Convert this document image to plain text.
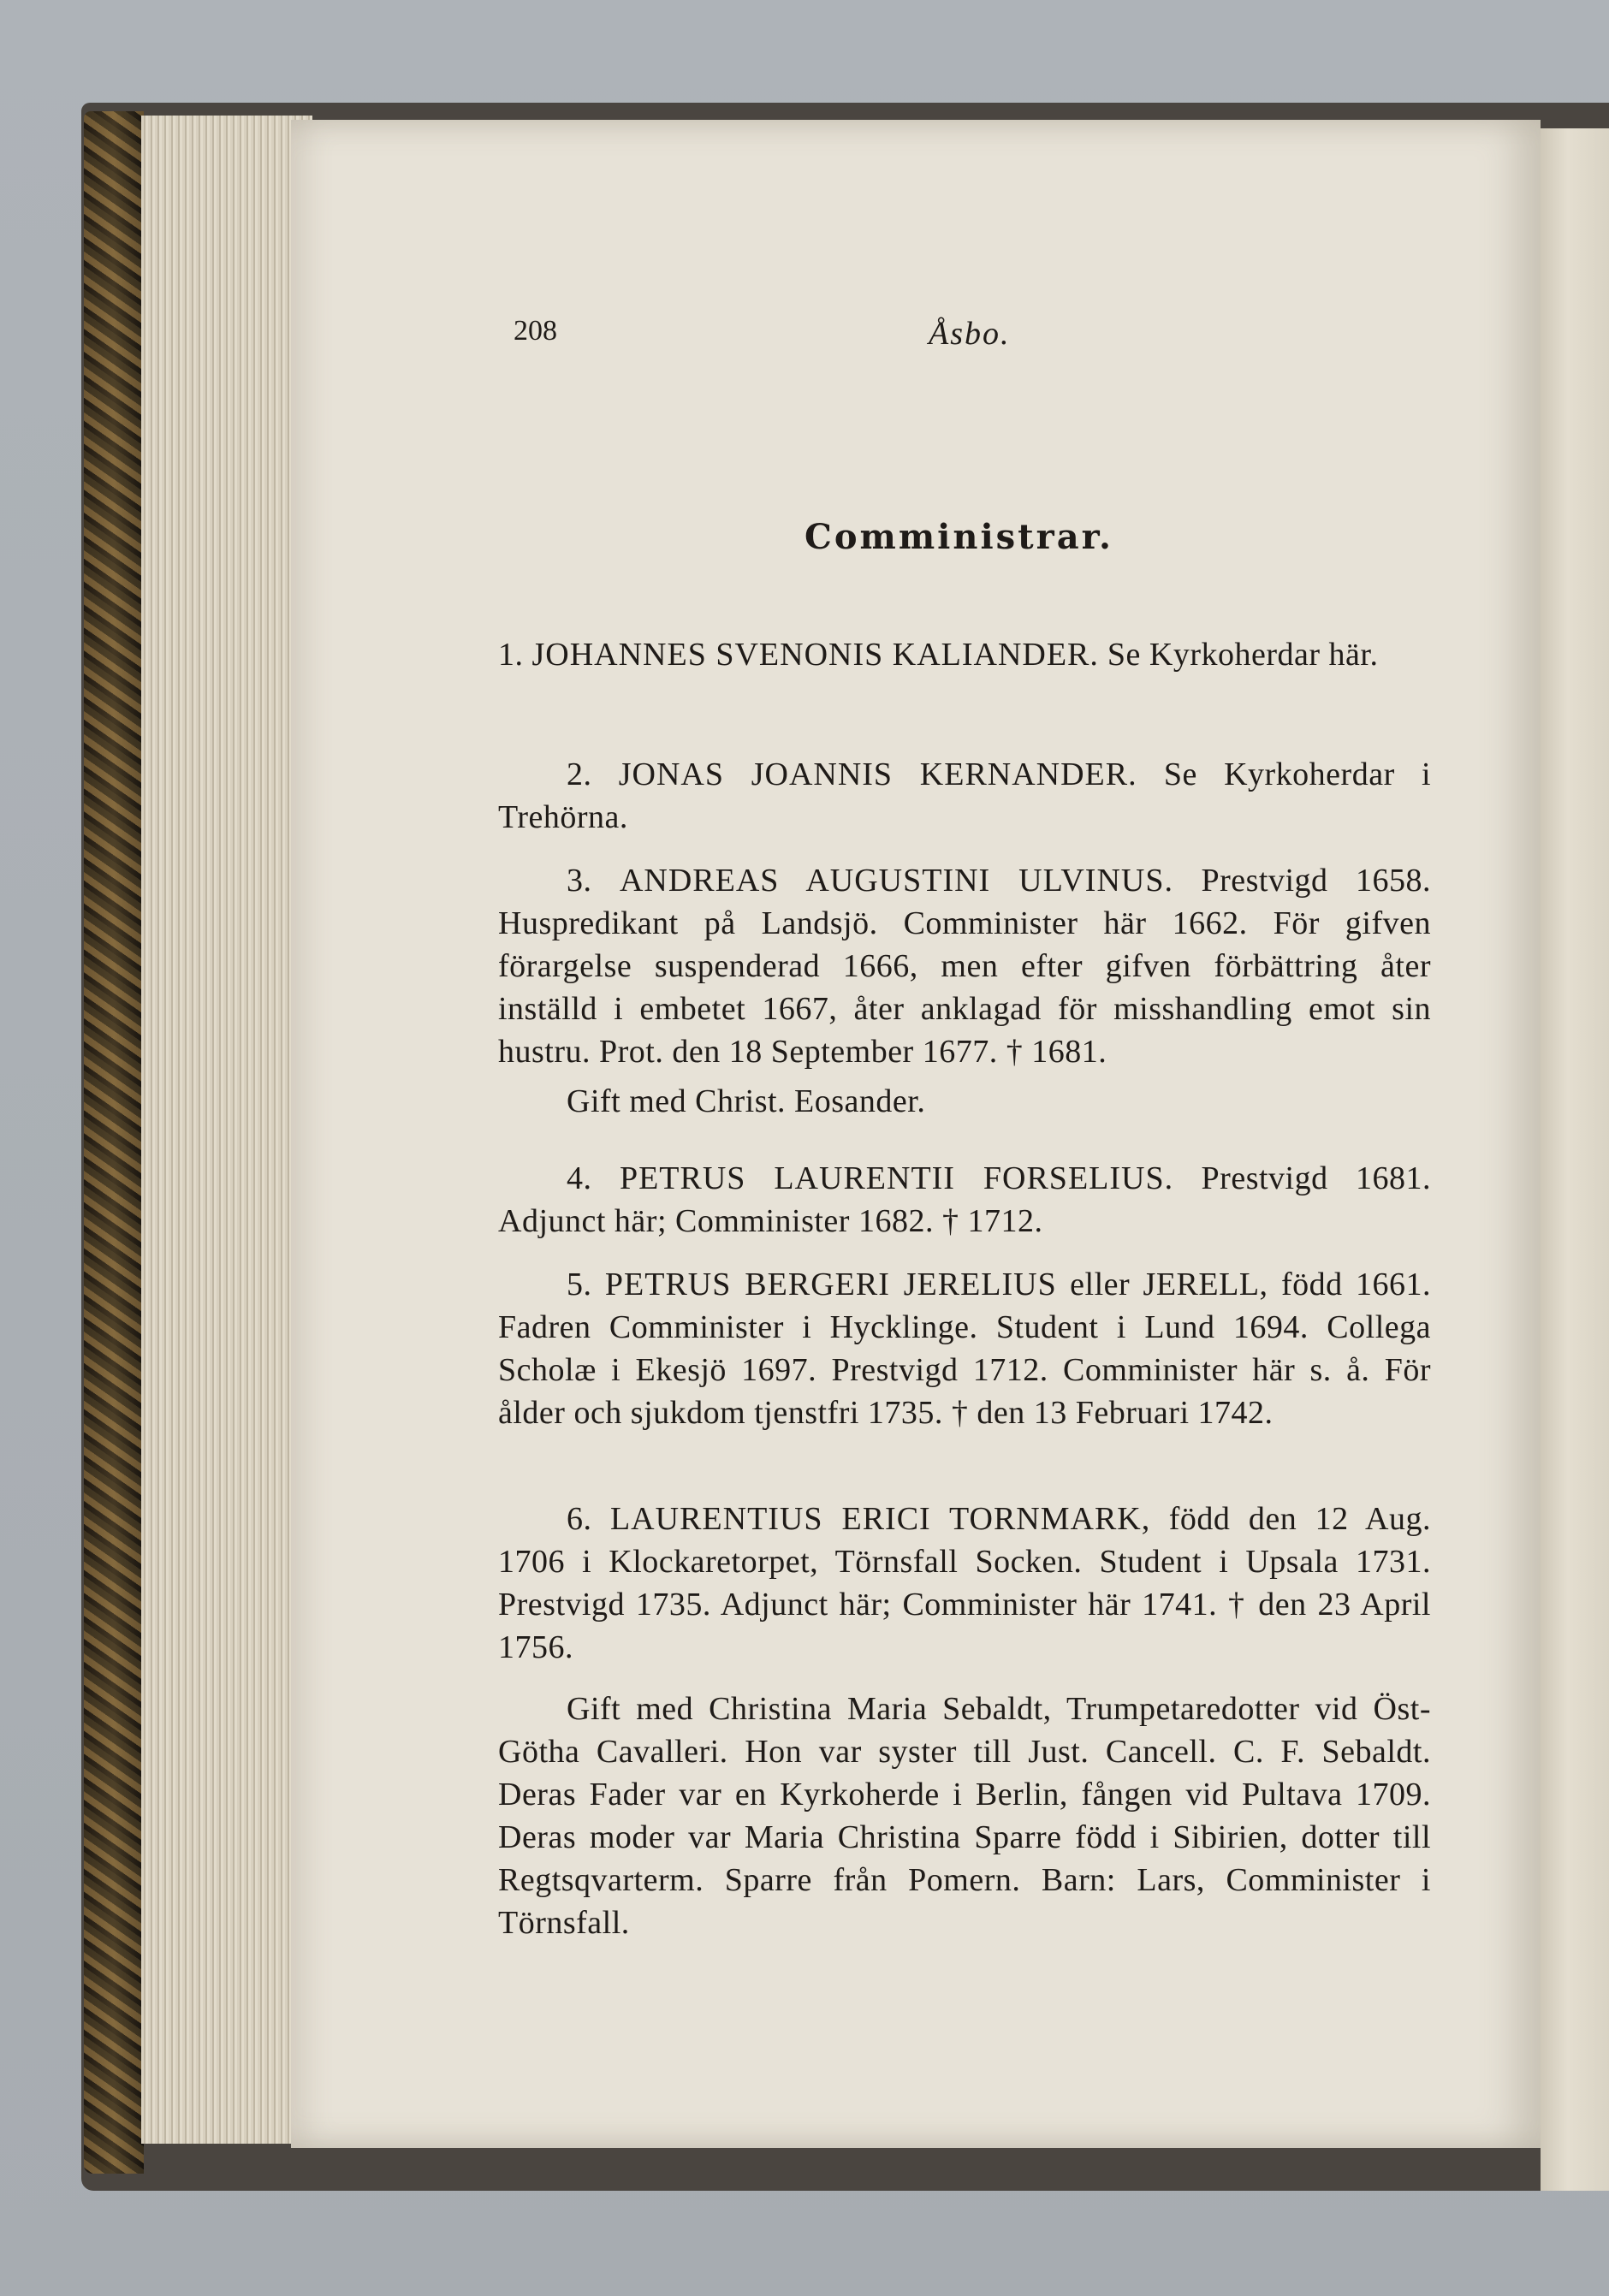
208	Åsbo.
Comministrar.
1. JOHANNES SVENONIS KALIANDER. Se Kyrkoherdar här.
2. JONAS JOANNIS KERNANDER. Se Kyrkoherdar i Trehörna.
3. ANDREAS AUGUSTINI ULVINUS. Prestvigd 1658. Huspredikant på Landsjö. Comminister här 1662. För gifven förargelse suspenderad 1666, men efter gifven förbättring åter inställd i embetet 1667, åter anklagad för misshandling emot sin hustru. Prot. den 18 September 1677. † 1681.
Gift med Christ. Eosander.
4. PETRUS LAURENTII FORSELIUS. Prestvigd 1681. Adjunct här; Comminister 1682. † 1712.
5. PETRUS BERGERI JERELIUS eller JERELL, född 1661. Fadren Comminister i Hycklinge. Student i Lund 1694. Collega Scholæ i Ekesjö 1697. Prestvigd 1712. Comminister här s. å. För ålder och sjukdom tjenstfri 1735. † den 13 Februari 1742.
6. LAURENTIUS ERICI TORNMARK, född den 12 Aug. 1706 i Klockaretorpet, Törnsfall Socken. Student i Upsala 1731. Prestvigd 1735. Adjunct här; Comminister här 1741. † den 23 April 1756.
Gift med Christina Maria Sebaldt, Trumpetaredotter vid Öst-Götha Cavalleri. Hon var syster till Just. Cancell. C. F. Sebaldt. Deras Fader var en Kyrkoherde i Berlin, fången vid Pultava 1709. Deras moder var Maria Christina Sparre född i Sibirien, dotter till Regtsqvarterm. Sparre från Pomern. Barn: Lars, Comminister i Törnsfall.
